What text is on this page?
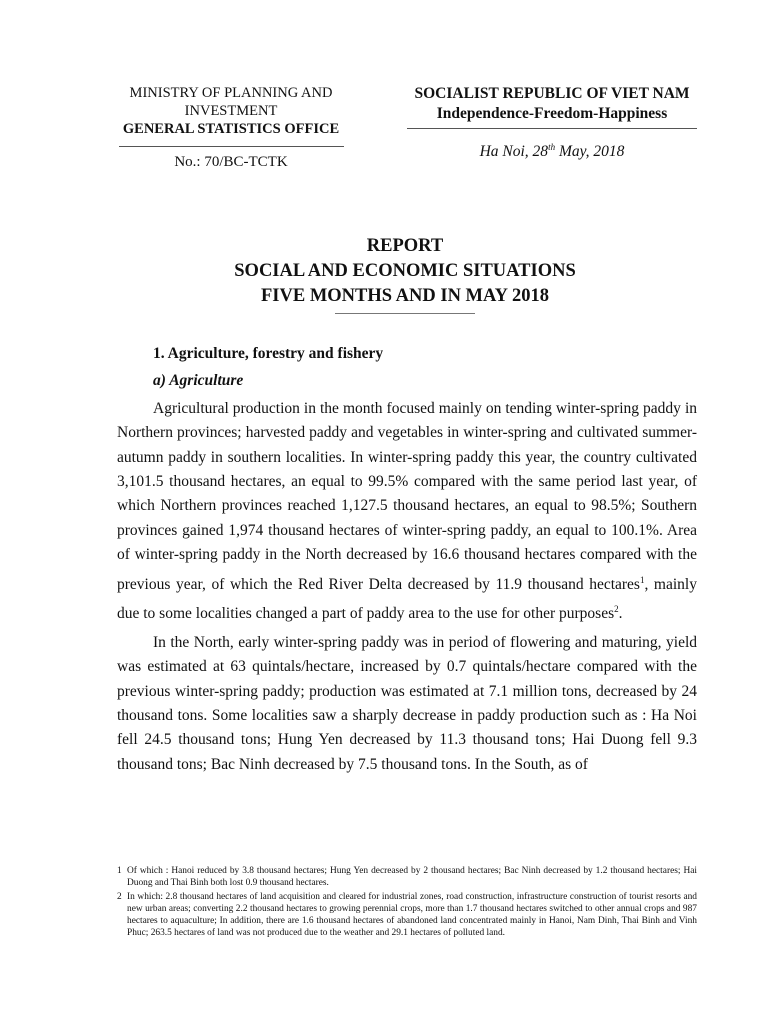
MINISTRY OF PLANNING AND INVESTMENT
GENERAL STATISTICS OFFICE
No.: 70/BC-TCTK
SOCIALIST REPUBLIC OF VIET NAM
Independence-Freedom-Happiness
Ha Noi, 28th May, 2018
REPORT
SOCIAL AND ECONOMIC SITUATIONS
FIVE MONTHS AND IN MAY 2018
1. Agriculture, forestry and fishery
a) Agriculture

Agricultural production in the month focused mainly on tending winter-spring paddy in Northern provinces; harvested paddy and vegetables in winter-spring and cultivated summer-autumn paddy in southern localities. In winter-spring paddy this year, the country cultivated 3,101.5 thousand hectares, an equal to 99.5% compared with the same period last year, of which Northern provinces reached 1,127.5 thousand hectares, an equal to 98.5%; Southern provinces gained 1,974 thousand hectares of winter-spring paddy, an equal to 100.1%. Area of winter-spring paddy in the North decreased by 16.6 thousand hectares compared with the previous year, of which the Red River Delta decreased by 11.9 thousand hectares$^1$, mainly due to some localities changed a part of paddy area to the use for other purposes$^2$.

In the North, early winter-spring paddy was in period of flowering and maturing, yield was estimated at 63 quintals/hectare, increased by 0.7 quintals/hectare compared with the previous winter-spring paddy; production was estimated at 7.1 million tons, decreased by 24 thousand tons. Some localities saw a sharply decrease in paddy production such as : Ha Noi fell 24.5 thousand tons; Hung Yen decreased by 11.3 thousand tons; Hai Duong fell 9.3 thousand tons; Bac Ninh decreased by 7.5 thousand tons. In the South, as of

1 Of which : Hanoi reduced by 3.8 thousand hectares; Hung Yen decreased by 2 thousand hectares; Bac Ninh decreased by 1.2 thousand hectares; Hai Duong and Thai Binh both lost 0.9 thousand hectares.
2 In which: 2.8 thousand hectares of land acquisition and cleared for industrial zones, road construction, infrastructure construction of tourist resorts and new urban areas; converting 2.2 thousand hectares to growing perennial crops, more than 1.7 thousand hectares switched to other annual crops and 987 hectares to aquaculture; In addition, there are 1.6 thousand hectares of abandoned land concentrated mainly in Hanoi, Nam Dinh, Thai Binh and Vinh Phuc; 263.5 hectares of land was not produced due to the weather and 29.1 hectares of polluted land.
